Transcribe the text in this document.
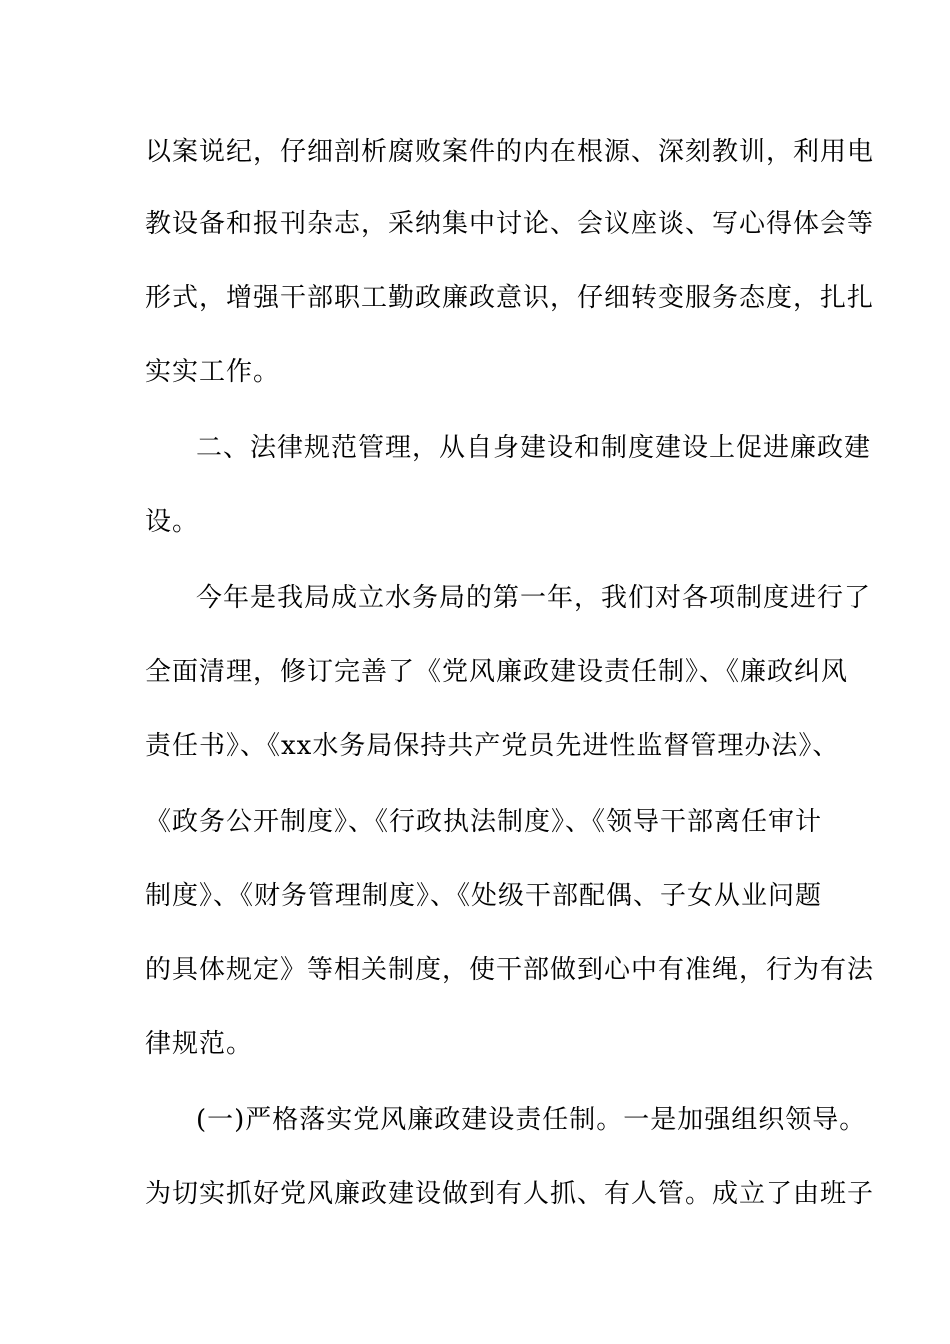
以案说纪，仔细剖析腐败案件的内在根源、深刻教训，利用电
教设备和报刊杂志，采纳集中讨论、会议座谈、写心得体会等
形式，增强干部职工勤政廉政意识，仔细转变服务态度，扎扎
实实工作。
二、法律规范管理，从自身建设和制度建设上促进廉政建
设。
今年是我局成立水务局的第一年，我们对各项制度进行了
全面清理，修订完善了《党风廉政建设责任制》、《廉政纠风
责任书》、《xx水务局保持共产党员先进性监督管理办法》、
《政务公开制度》、《行政执法制度》、《领导干部离任审计
制度》、《财务管理制度》、《处级干部配偶、子女从业问题
的具体规定》等相关制度，使干部做到心中有准绳，行为有法
律规范。
(一)严格落实党风廉政建设责任制。一是加强组织领导。
为切实抓好党风廉政建设做到有人抓、有人管。成立了由班子
